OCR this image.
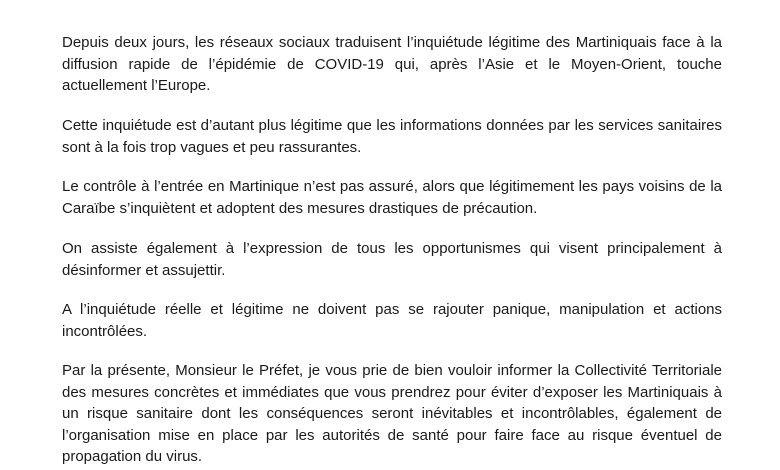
Depuis deux jours, les réseaux sociaux traduisent l’inquiétude légitime des Martiniquais face à la diffusion rapide de l’épidémie de COVID-19 qui, après l’Asie et le Moyen-Orient, touche actuellement l’Europe.

Cette inquiétude est d’autant plus légitime que les informations données par les services sanitaires sont à la fois trop vagues et peu rassurantes.

Le contrôle à l’entrée en Martinique n’est pas assuré, alors que légitimement les pays voisins de la Caraïbe s’inquiètent et adoptent des mesures drastiques de précaution.

On assiste également à l’expression de tous les opportunismes qui visent principalement à désinformer et assujettir.

A l’inquiétude réelle et légitime ne doivent pas se rajouter panique, manipulation et actions incontrôlées.

Par la présente, Monsieur le Préfet, je vous prie de bien vouloir informer la Collectivité Territoriale des mesures concrètes et immédiates que vous prendrez pour éviter d’exposer les Martiniquais à un risque sanitaire dont les conséquences seront inévitables et incontrôlables, également de l’organisation mise en place par les autorités de santé pour faire face au risque éventuel de propagation du virus.
